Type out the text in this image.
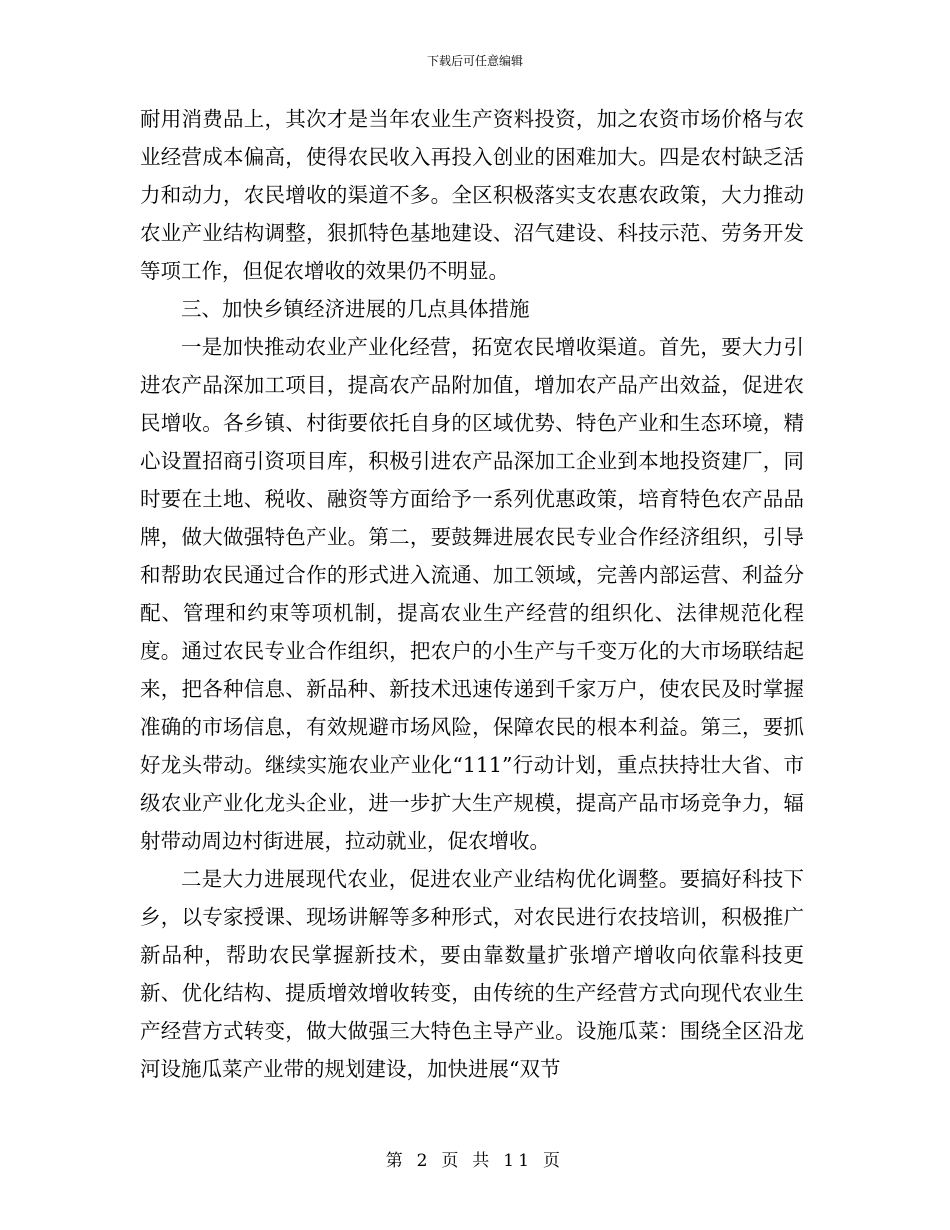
下载后可任意编辑

耐用消费品上，其次才是当年农业生产资料投资，加之农资市场价格与农业经营成本偏高，使得农民收入再投入创业的困难加大。四是农村缺乏活力和动力，农民增收的渠道不多。全区积极落实支农惠农政策，大力推动农业产业结构调整，狠抓特色基地建设、沼气建设、科技示范、劳务开发等项工作，但促农增收的效果仍不明显。

三、加快乡镇经济进展的几点具体措施

一是加快推动农业产业化经营，拓宽农民增收渠道。首先，要大力引进农产品深加工项目，提高农产品附加值，增加农产品产出效益，促进农民增收。各乡镇、村街要依托自身的区域优势、特色产业和生态环境，精心设置招商引资项目库，积极引进农产品深加工企业到本地投资建厂，同时要在土地、税收、融资等方面给予一系列优惠政策，培育特色农产品品牌，做大做强特色产业。第二，要鼓舞进展农民专业合作经济组织，引导和帮助农民通过合作的形式进入流通、加工领域，完善内部运营、利益分配、管理和约束等项机制，提高农业生产经营的组织化、法律规范化程度。通过农民专业合作组织，把农户的小生产与千变万化的大市场联结起来，把各种信息、新品种、新技术迅速传递到千家万户，使农民及时掌握准确的市场信息，有效规避市场风险，保障农民的根本利益。第三，要抓好龙头带动。继续实施农业产业化“111”行动计划，重点扶持壮大省、市级农业产业化龙头企业，进一步扩大生产规模，提高产品市场竞争力，辐射带动周边村街进展，拉动就业，促农增收。

二是大力进展现代农业，促进农业产业结构优化调整。要搞好科技下乡，以专家授课、现场讲解等多种形式，对农民进行农技培训，积极推广新品种，帮助农民掌握新技术，要由靠数量扩张增产增收向依靠科技更新、优化结构、提质增效增收转变，由传统的生产经营方式向现代农业生产经营方式转变，做大做强三大特色主导产业。设施瓜菜：围绕全区沿龙河设施瓜菜产业带的规划建设，加快进展“双节

第 2 页 共 11 页
